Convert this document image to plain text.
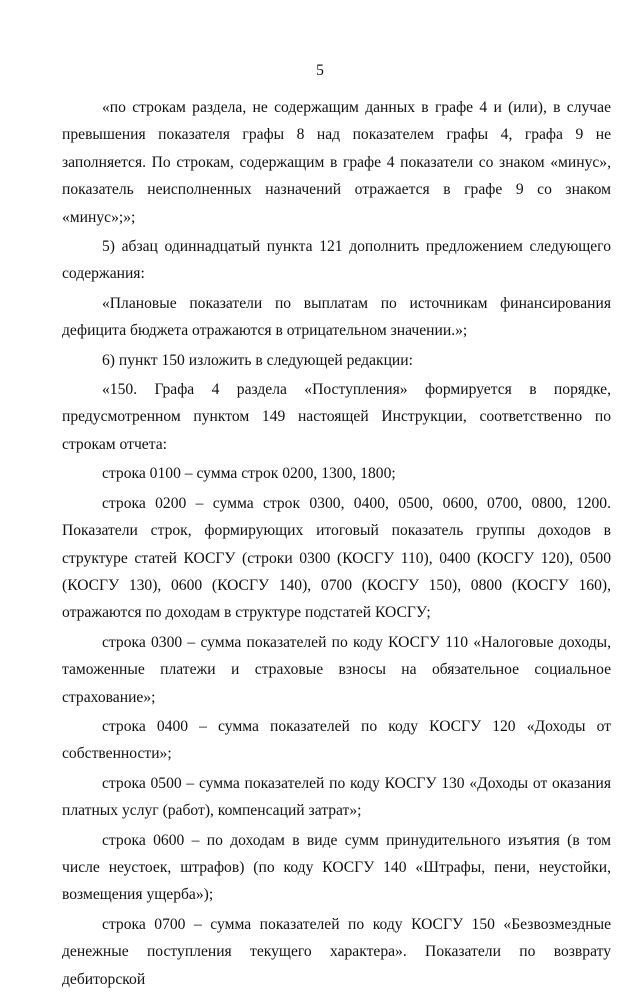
5

«по строкам раздела, не содержащим данных в графе 4 и (или), в случае превышения показателя графы 8 над показателем графы 4, графа 9 не заполняется. По строкам, содержащим в графе 4 показатели со знаком «минус», показатель неисполненных назначений отражается в графе 9 со знаком «минус»;»;

5) абзац одиннадцатый пункта 121 дополнить предложением следующего содержания:

«Плановые показатели по выплатам по источникам финансирования дефицита бюджета отражаются в отрицательном значении.»;

6) пункт 150 изложить в следующей редакции:

«150. Графа 4 раздела «Поступления» формируется в порядке, предусмотренном пунктом 149 настоящей Инструкции, соответственно по строкам отчета:

строка 0100 – сумма строк 0200, 1300, 1800;

строка 0200 – сумма строк 0300, 0400, 0500, 0600, 0700, 0800, 1200. Показатели строк, формирующих итоговый показатель группы доходов в структуре статей КОСГУ (строки 0300 (КОСГУ 110), 0400 (КОСГУ 120), 0500 (КОСГУ 130), 0600 (КОСГУ 140), 0700 (КОСГУ 150), 0800 (КОСГУ 160), отражаются по доходам в структуре подстатей КОСГУ;

строка 0300 – сумма показателей по коду КОСГУ 110 «Налоговые доходы, таможенные платежи и страховые взносы на обязательное социальное страхование»;

строка 0400 – сумма показателей по коду КОСГУ 120 «Доходы от собственности»;

строка 0500 – сумма показателей по коду КОСГУ 130 «Доходы от оказания платных услуг (работ), компенсаций затрат»;

строка 0600 – по доходам в виде сумм принудительного изъятия (в том числе неустоек, штрафов) (по коду КОСГУ 140 «Штрафы, пени, неустойки, возмещения ущерба»);

строка 0700 – сумма показателей по коду КОСГУ 150 «Безвозмездные денежные поступления текущего характера». Показатели по возврату дебиторской
